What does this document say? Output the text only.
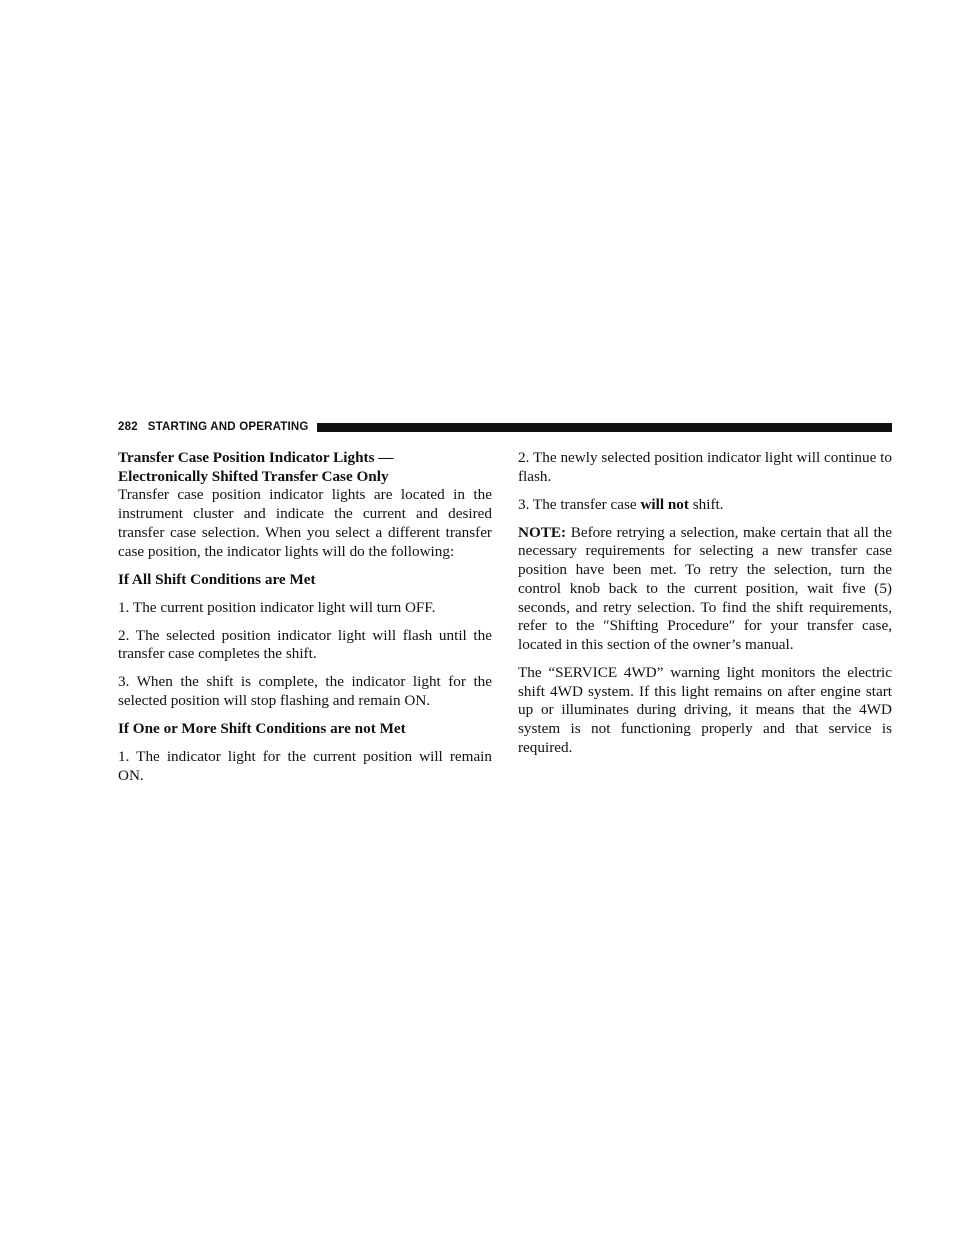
282 STARTING AND OPERATING

Transfer Case Position Indicator Lights —

Electronically Shifted Transfer Case Only

Transfer case position indicator lights are located in the instrument cluster and indicate the current and desired transfer case selection. When you select a different transfer case position, the indicator lights will do the following:

If All Shift Conditions are Met

1. The current position indicator light will turn OFF.

2. The selected position indicator light will flash until the transfer case completes the shift.

3. When the shift is complete, the indicator light for the selected position will stop flashing and remain ON.

If One or More Shift Conditions are not Met

1. The indicator light for the current position will remain ON.

2. The newly selected position indicator light will continue to flash.

3. The transfer case will not shift.

NOTE: Before retrying a selection, make certain that all the necessary requirements for selecting a new transfer case position have been met. To retry the selection, turn the control knob back to the current position, wait five (5) seconds, and retry selection. To find the shift requirements, refer to the ″Shifting Procedure″ for your transfer case, located in this section of the owner’s manual.

The “SERVICE 4WD” warning light monitors the electric shift 4WD system. If this light remains on after engine start up or illuminates during driving, it means that the 4WD system is not functioning properly and that service is required.
